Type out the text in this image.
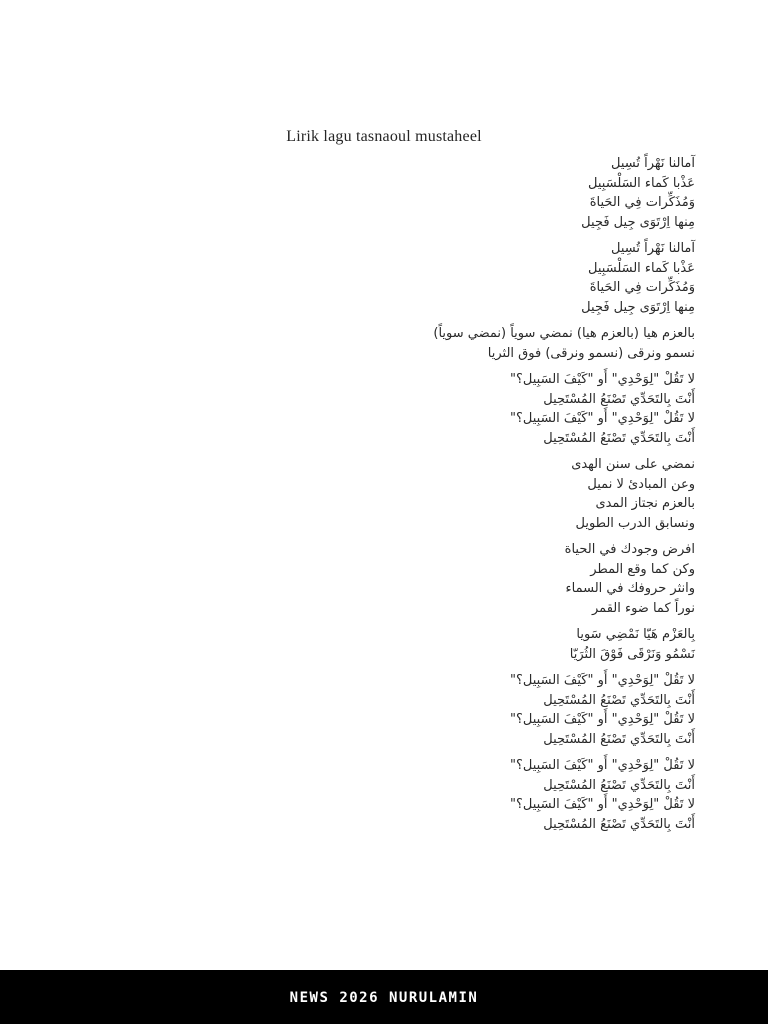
Lirik lagu tasnaoul mustaheel

آمالنا نَهْراً تُسِيل
عَذْبا كَماء السَلْسَبِيل
وَمُذَكِّرات فِي الحَياةَ
مِنها اِرْتَوَى جِيل فَجِيل

آمالنا نَهْراً تُسِيل
عَذْبا كَماء السَلْسَبِيل
وَمُذَكِّرات فِي الحَياةَ
مِنها اِرْتَوَى جِيل فَجِيل

بالعزم هيا (بالعزم هيا) نمضي سوياً (نمضي سوياً)
نسمو ونرقى (نسمو ونرقى) فوق الثريا

لا تَقُلْ "لِوَحْدِي" أَو "كَيْفَ السَبِيل؟"
أَنْتَ بِالتَحَدِّي تَصْنَعُ المُسْتَحِيل
لا تَقُلْ "لِوَحْدِي" أَو "كَيْفَ السَبِيل؟"
أَنْتَ بِالتَحَدِّي تَصْنَعُ المُسْتَحِيل

نمضي على سنن الهدى
وعن المبادئ لا نميل
بالعزم نجتاز المدى
ونسابق الدرب الطويل

افرض وجودك في الحياة
وكن كما وقع المطر
وانثر حروفك في السماء
نوراً كما ضوء القمر

بِالعَزْم هَيّا نَمْضِي سَويا
نَسْمُو وَنَرْقَى فَوْقَ الثُرَيّا

لا تَقُلْ "لِوَحْدِي" أَو "كَيْفَ السَبِيل؟"
أَنْتَ بِالتَحَدِّي تَصْنَعُ المُسْتَحِيل
لا تَقُلْ "لِوَحْدِي" أَو "كَيْفَ السَبِيل؟"
أَنْتَ بِالتَحَدِّي تَصْنَعُ المُسْتَحِيل

لا تَقُلْ "لِوَحْدِي" أَو "كَيْفَ السَبِيل؟"
أَنْتَ بِالتَحَدِّي تَصْنَعُ المُسْتَحِيل
لا تَقُلْ "لِوَحْدِي" أَو "كَيْفَ السَبِيل؟"
أَنْتَ بِالتَحَدِّي تَصْنَعُ المُسْتَحِيل

NEWS 2026 NURULAMIN
